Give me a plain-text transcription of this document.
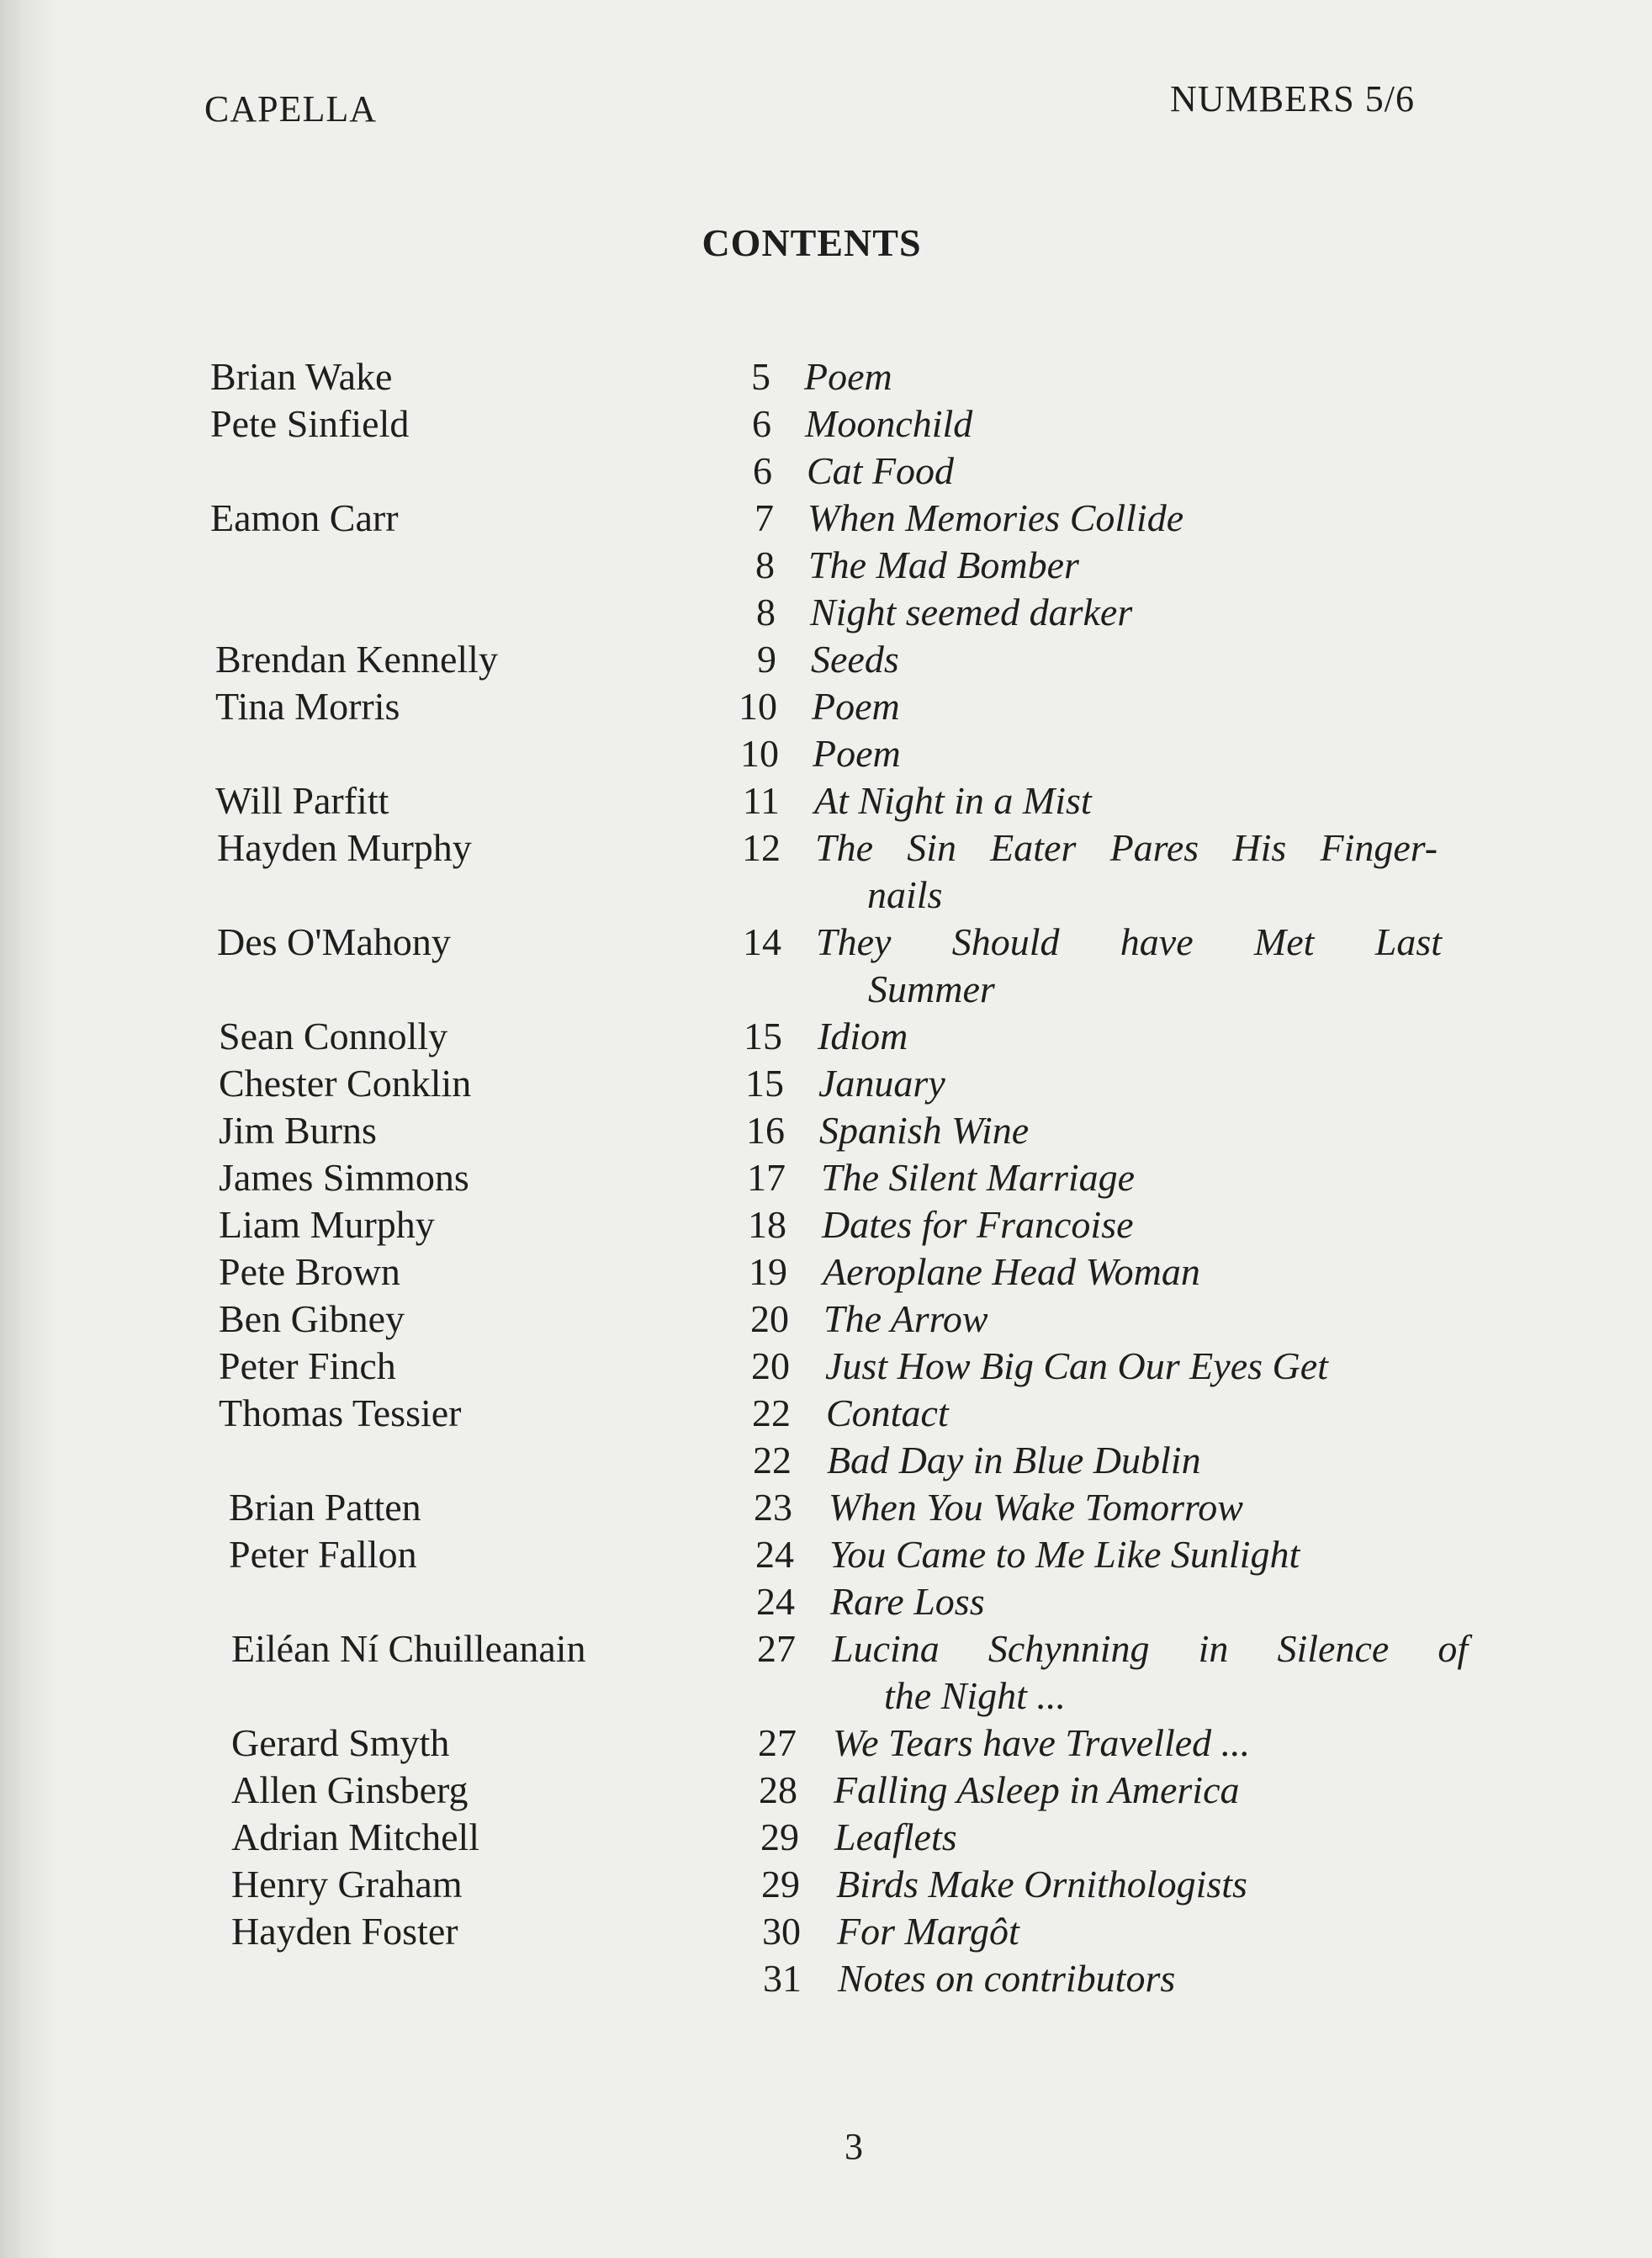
CAPELLA	NUMBERS 5/6
CONTENTS
Brian Wake	5 Poem
Pete Sinfield	6 Moonchild
6 Cat Food
Eamon Carr	7 When Memories Collide
8 The Mad Bomber
8 Night seemed darker
Brendan Kennelly	9 Seeds
Tina Morris	10 Poem
10 Poem
Will Parfitt	11 At Night in a Mist
Hayden Murphy	12 The Sin Eater Pares His Finger-
nails
Des O'Mahony	14 They Should have Met Last
Summer
Sean Connolly	15 Idiom
Chester Conklin	15 January
Jim Burns	16 Spanish Wine
James Simmons	17 The Silent Marriage
Liam Murphy	18 Dates for Francoise
Pete Brown	19 Aeroplane Head Woman
Ben Gibney	20 The Arrow
Peter Finch	20 Just How Big Can Our Eyes Get
Thomas Tessier	22 Contact
22 Bad Day in Blue Dublin
Brian Patten	23 When You Wake Tomorrow
Peter Fallon	24 You Came to Me Like Sunlight
24 Rare Loss
Eiléan Ní Chuilleanain	27 Lucina Schynning in Silence of
the Night ...
Gerard Smyth	27 We Tears have Travelled ...
Allen Ginsberg	28 Falling Asleep in America
Adrian Mitchell	29 Leaflets
Henry Graham	29 Birds Make Ornithologists
Hayden Foster	30 For Margôt
31 Notes on contributors
3
